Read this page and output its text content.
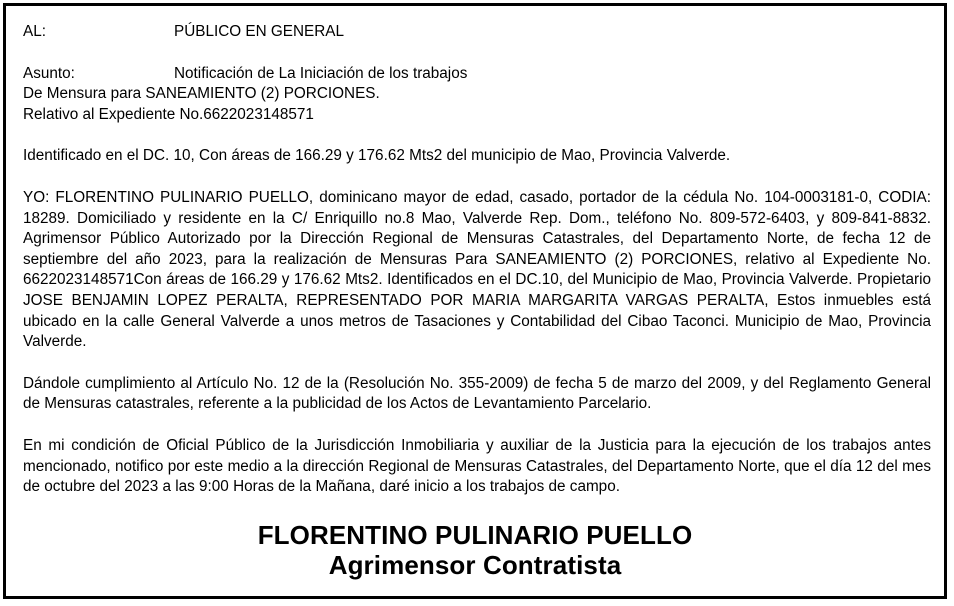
AL:	PÚBLICO EN GENERAL
Asunto:	Notificación de La Iniciación de los trabajos
De Mensura para SANEAMIENTO (2) PORCIONES.
Relativo al Expediente No.6622023148571

Identificado en el DC. 10, Con áreas de 166.29 y 176.62 Mts2 del municipio de Mao, Provincia Valverde.

YO: FLORENTINO PULINARIO PUELLO, dominicano mayor de edad, casado, portador de la cédula No. 104-0003181-0, CODIA: 18289. Domiciliado y residente en la C/ Enriquillo no.8 Mao, Valverde Rep. Dom., teléfono No. 809-572-6403, y 809-841-8832. Agrimensor Público Autorizado por la Dirección Regional de Mensuras Catastrales, del Departamento Norte, de fecha 12 de septiembre del año 2023, para la realización de Mensuras Para SANEAMIENTO (2) PORCIONES, relativo al Expediente No. 6622023148571Con áreas de 166.29 y 176.62 Mts2. Identificados en el DC.10, del Municipio de Mao, Provincia Valverde. Propietario JOSE BENJAMIN LOPEZ PERALTA, REPRESENTADO POR MARIA MARGARITA VARGAS PERALTA, Estos inmuebles está ubicado en la calle General Valverde a unos metros de Tasaciones y Contabilidad del Cibao Taconci. Municipio de Mao, Provincia Valverde.

Dándole cumplimiento al Artículo No. 12 de la (Resolución No. 355-2009) de fecha 5 de marzo del 2009, y del Reglamento General de Mensuras catastrales, referente a la publicidad de los Actos de Levantamiento Parcelario.

En mi condición de Oficial Público de la Jurisdicción Inmobiliaria y auxiliar de la Justicia para la ejecución de los trabajos antes mencionado, notifico por este medio a la dirección Regional de Mensuras Catastrales, del Departamento Norte, que el día 12 del mes de octubre del 2023 a las 9:00 Horas de la Mañana, daré inicio a los trabajos de campo.

FLORENTINO PULINARIO PUELLO
Agrimensor Contratista
